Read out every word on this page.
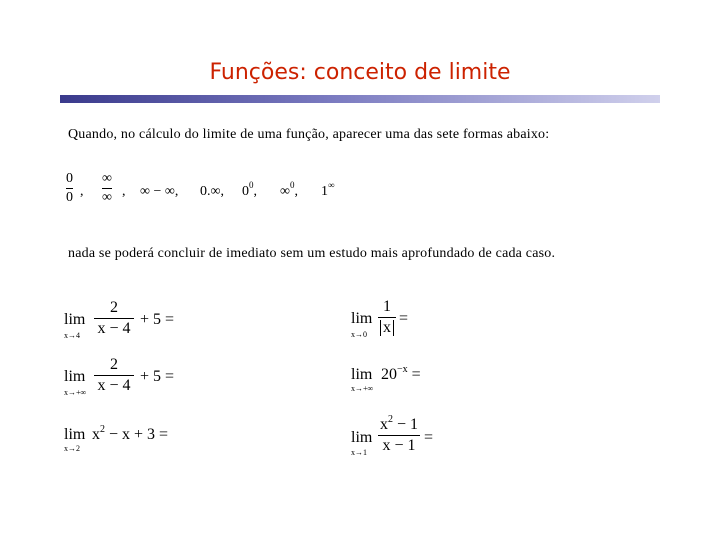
Funções: conceito de limite
Quando, no cálculo do limite de uma função, aparecer uma das sete formas abaixo:
0
0 ,
∞
∞ , ∞ − ∞, 0.∞, $0^0$, ∞$^0$, 1∞
nada se poderá concluir de imediato sem um estudo mais aprofundado de cada caso.
lim
x→4
2
x − 4
+ 5 =
lim
x→+∞
2
x − 4
+ 5 =
lim
x→2
$x^2 - x + 3$ =
lim
x→0
1
x
=
lim
x→+∞
$20^{-x}$ =
lim
x→1
$x^2 - 1$
x − 1 =
